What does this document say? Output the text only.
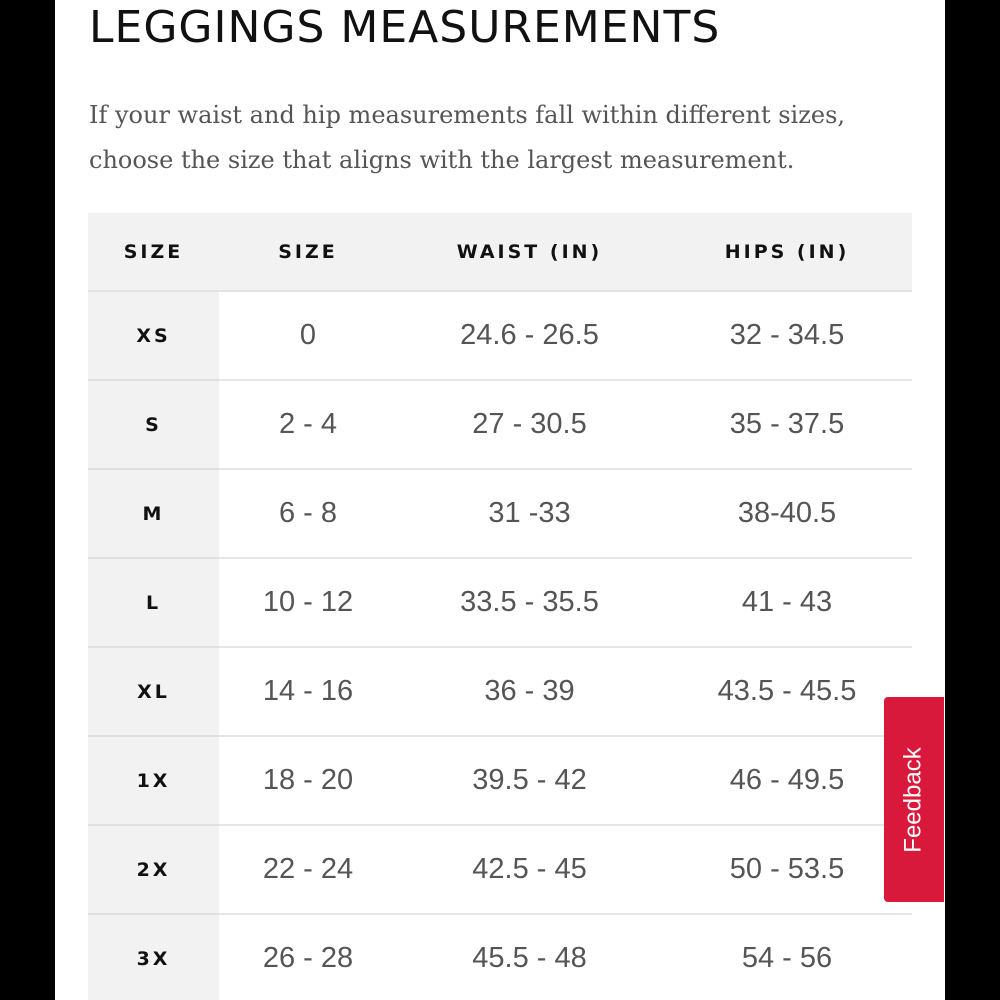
LEGGINGS MEASUREMENTS

If your waist and hip measurements fall within different sizes, choose the size that aligns with the largest measurement.

SIZE	SIZE	WAIST (IN)	HIPS (IN)
XS	0	24.6 - 26.5	32 - 34.5
S	2 - 4	27 - 30.5	35 - 37.5
M	6 - 8	31 -33	38-40.5
L	10 - 12	33.5 - 35.5	41 - 43
XL	14 - 16	36 - 39	43.5 - 45.5
1X	18 - 20	39.5 - 42	46 - 49.5
2X	22 - 24	42.5 - 45	50 - 53.5
3X	26 - 28	45.5 - 48	54 - 56
Feedback
